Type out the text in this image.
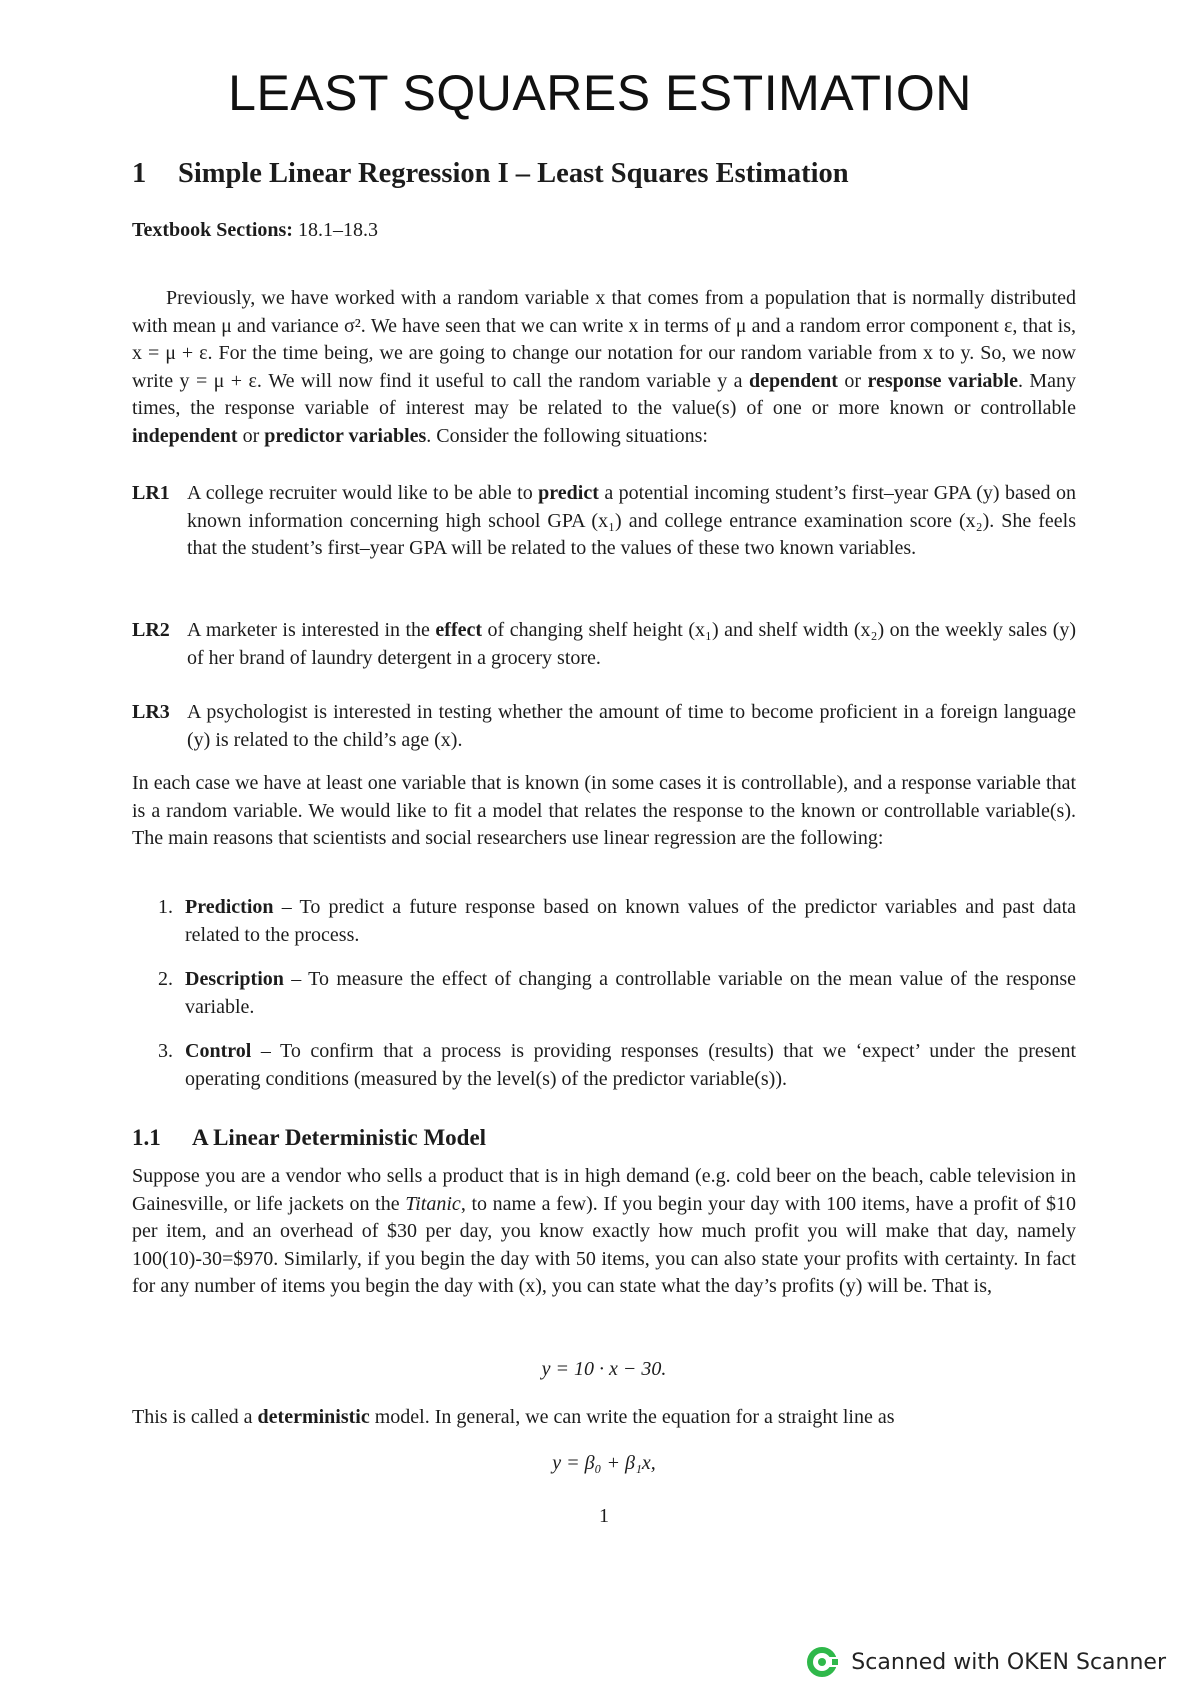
LEAST SQUARES ESTIMATION
1 Simple Linear Regression I – Least Squares Estimation
Textbook Sections: 18.1–18.3

Previously, we have worked with a random variable x that comes from a population that is normally distributed with mean μ and variance σ². We have seen that we can write x in terms of μ and a random error component ε, that is, x = μ + ε. For the time being, we are going to change our notation for our random variable from x to y. So, we now write y = μ + ε. We will now find it useful to call the random variable y a dependent or response variable. Many times, the response variable of interest may be related to the value(s) of one or more known or controllable independent or predictor variables. Consider the following situations:

LR1 A college recruiter would like to be able to predict a potential incoming student’s first–year GPA (y) based on known information concerning high school GPA (x₁) and college entrance examination score (x₂). She feels that the student’s first–year GPA will be related to the values of these two known variables.

LR2 A marketer is interested in the effect of changing shelf height (x₁) and shelf width (x₂) on the weekly sales (y) of her brand of laundry detergent in a grocery store.

LR3 A psychologist is interested in testing whether the amount of time to become proficient in a foreign language (y) is related to the child’s age (x).

In each case we have at least one variable that is known (in some cases it is controllable), and a response variable that is a random variable. We would like to fit a model that relates the response to the known or controllable variable(s). The main reasons that scientists and social researchers use linear regression are the following:

1. Prediction – To predict a future response based on known values of the predictor variables and past data related to the process.

2. Description – To measure the effect of changing a controllable variable on the mean value of the response variable.

3. Control – To confirm that a process is providing responses (results) that we ‘expect’ under the present operating conditions (measured by the level(s) of the predictor variable(s)).

1.1 A Linear Deterministic Model

Suppose you are a vendor who sells a product that is in high demand (e.g. cold beer on the beach, cable television in Gainesville, or life jackets on the Titanic, to name a few). If you begin your day with 100 items, have a profit of $10 per item, and an overhead of $30 per day, you know exactly how much profit you will make that day, namely 100(10)-30=$970. Similarly, if you begin the day with 50 items, you can also state your profits with certainty. In fact for any number of items you begin the day with (x), you can state what the day’s profits (y) will be. That is,

y = 10 · x − 30.

This is called a deterministic model. In general, we can write the equation for a straight line as

y = β₀ + β₁x,
1
Scanned with OKEN Scanner
